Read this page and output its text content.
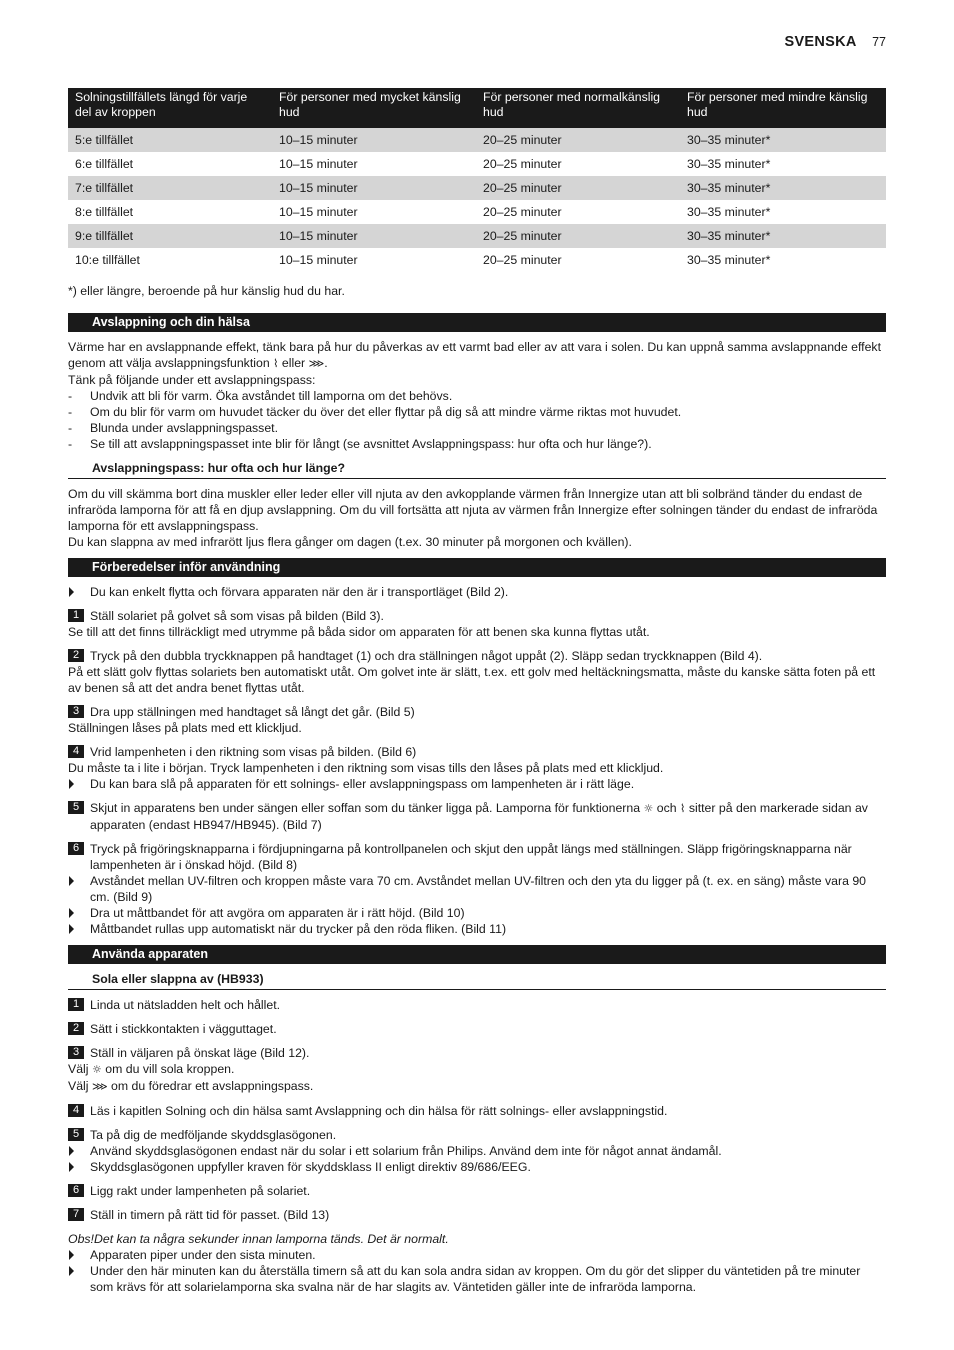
SVENSKA 77
Solningstillfällets längd för varje del av kroppen	För personer med mycket känslig hud	För personer med normalkänslig hud	För personer med mindre känslig hud
5:e tillfället	10–15 minuter	20–25 minuter	30–35 minuter*
6:e tillfället	10–15 minuter	20–25 minuter	30–35 minuter*
7:e tillfället	10–15 minuter	20–25 minuter	30–35 minuter*
8:e tillfället	10–15 minuter	20–25 minuter	30–35 minuter*
9:e tillfället	10–15 minuter	20–25 minuter	30–35 minuter*
10:e tillfället	10–15 minuter	20–25 minuter	30–35 minuter*

*) eller längre, beroende på hur känslig hud du har.

Avslappning och din hälsa

Värme har en avslappnande effekt, tänk bara på hur du påverkas av ett varmt bad eller av att vara i solen. Du kan uppnå samma avslappnande effekt genom att välja avslappningsfunktion ⌇ eller ⋙.

Tänk på följande under ett avslappningspass:

- Undvik att bli för varm. Öka avståndet till lamporna om det behövs.

- Om du blir för varm om huvudet täcker du över det eller flyttar på dig så att mindre värme riktas mot huvudet.

- Blunda under avslappningspasset.

- Se till att avslappningspasset inte blir för långt (se avsnittet Avslappningspass: hur ofta och hur länge?).

Avslappningspass: hur ofta och hur länge?

Om du vill skämma bort dina muskler eller leder eller vill njuta av den avkopplande värmen från Innergize utan att bli solbränd tänder du endast de infraröda lamporna för att få en djup avslappning. Om du vill fortsätta att njuta av värmen från Innergize efter solningen tänder du endast de infraröda lamporna för ett avslappningspass.

Du kan slappna av med infrarött ljus flera gånger om dagen (t.ex. 30 minuter på morgonen och kvällen).

Förberedelser inför användning

Du kan enkelt flytta och förvara apparaten när den är i transportläget (Bild 2).

1 Ställ solariet på golvet så som visas på bilden (Bild 3).

Se till att det finns tillräckligt med utrymme på båda sidor om apparaten för att benen ska kunna flyttas utåt.

2 Tryck på den dubbla tryckknappen på handtaget (1) och dra ställningen något uppåt (2). Släpp sedan tryckknappen (Bild 4).

På ett slätt golv flyttas solariets ben automatiskt utåt. Om golvet inte är slätt, t.ex. ett golv med heltäckningsmatta, måste du kanske sätta foten på ett av benen så att det andra benet flyttas utåt.

3 Dra upp ställningen med handtaget så långt det går. (Bild 5)

Ställningen låses på plats med ett klickljud.

4 Vrid lampenheten i den riktning som visas på bilden. (Bild 6)

Du måste ta i lite i början. Tryck lampenheten i den riktning som visas tills den låses på plats med ett klickljud.

Du kan bara slå på apparaten för ett solnings- eller avslappningspass om lampenheten är i rätt läge.

5 Skjut in apparatens ben under sängen eller soffan som du tänker ligga på. Lamporna för funktionerna ☼ och ⌇ sitter på den markerade sidan av apparaten (endast HB947/HB945). (Bild 7)
6 Tryck på frigöringsknapparna i fördjupningarna på kontrollpanelen och skjut den uppåt längs med ställningen. Släpp frigöringsknapparna när lampenheten är i önskad höjd. (Bild 8)

Avståndet mellan UV-filtren och kroppen måste vara 70 cm. Avståndet mellan UV-filtren och den yta du ligger på (t. ex. en säng) måste vara 90 cm. (Bild 9)

Dra ut måttbandet för att avgöra om apparaten är i rätt höjd. (Bild 10)

Måttbandet rullas upp automatiskt när du trycker på den röda fliken. (Bild 11)

Använda apparaten
Sola eller slappna av (HB933)
1 Linda ut nätsladden helt och hållet.
2 Sätt i stickkontakten i vägguttaget.
3 Ställ in väljaren på önskat läge (Bild 12).

Välj ☼ om du vill sola kroppen.

Välj ⋙ om du föredrar ett avslappningspass.

4 Läs i kapitlen Solning och din hälsa samt Avslappning och din hälsa för rätt solnings- eller avslappningstid.
5 Ta på dig de medföljande skyddsglasögonen.

Använd skyddsglasögonen endast när du solar i ett solarium från Philips. Använd dem inte för något annat ändamål.

Skyddsglasögonen uppfyller kraven för skyddsklass II enligt direktiv 89/686/EEG.

6 Ligg rakt under lampenheten på solariet.
7 Ställ in timern på rätt tid för passet. (Bild 13)

Obs!Det kan ta några sekunder innan lamporna tänds. Det är normalt.

Apparaten piper under den sista minuten.

Under den här minuten kan du återställa timern så att du kan sola andra sidan av kroppen. Om du gör det slipper du väntetiden på tre minuter som krävs för att solarielamporna ska svalna när de har slagits av. Väntetiden gäller inte de infraröda lamporna.
